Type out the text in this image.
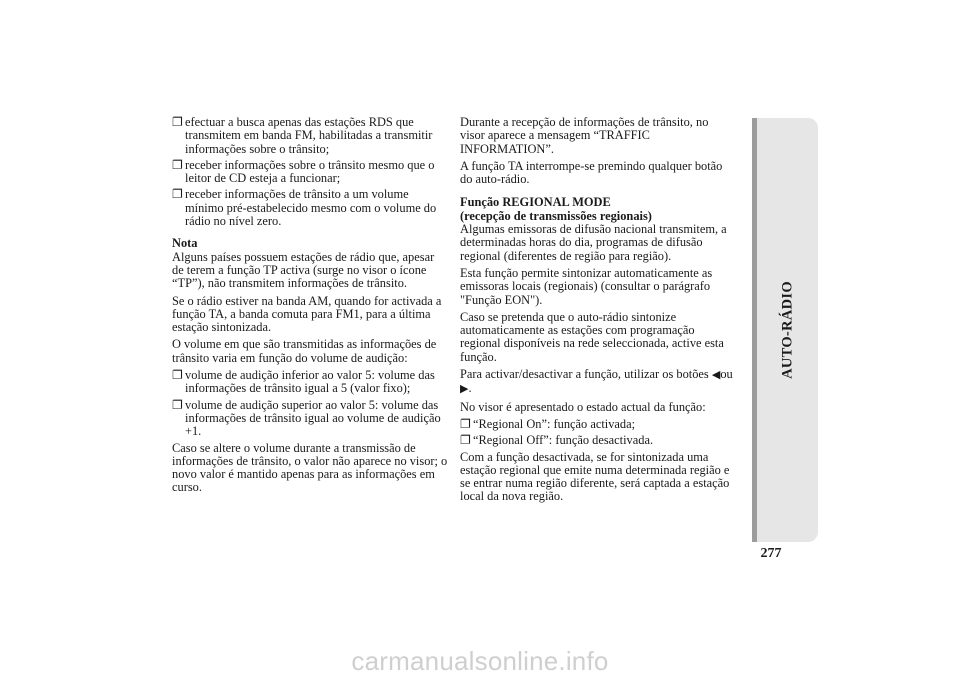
❐ efectuar a busca apenas das estações RDS que transmitem em banda FM, habilitadas a transmitir informações sobre o trânsito;
❐ receber informações sobre o trânsito mesmo que o leitor de CD esteja a funcionar;
❐ receber informações de trânsito a um volume mínimo pré-estabelecido mesmo com o volume do rádio no nível zero.
Nota
Alguns países possuem estações de rádio que, apesar de terem a função TP activa (surge no visor o ícone “TP”), não transmitem informações de trânsito.
Se o rádio estiver na banda AM, quando for activada a função TA, a banda comuta para FM1, para a última estação sintonizada.
O volume em que são transmitidas as informações de trânsito varia em função do volume de audição:
❐ volume de audição inferior ao valor 5: volume das informações de trânsito igual a 5 (valor fixo);
❐ volume de audição superior ao valor 5: volume das informações de trânsito igual ao volume de audição +1.
Caso se altere o volume durante a transmissão de informações de trânsito, o valor não aparece no visor; o novo valor é mantido apenas para as informações em curso.
Durante a recepção de informações de trânsito, no visor aparece a mensagem “TRAFFIC INFORMATION”.
A função TA interrompe-se premindo qualquer botão do auto-rádio.
Função REGIONAL MODE
(recepção de transmissões regionais)
Algumas emissoras de difusão nacional transmitem, a determinadas horas do dia, programas de difusão regional (diferentes de região para região).
Esta função permite sintonizar automaticamente as emissoras locais (regionais) (consultar o parágrafo "Função EON").
Caso se pretenda que o auto-rádio sintonize automaticamente as estações com programação regional disponíveis na rede seleccionada, active esta função.
Para activar/desactivar a função, utilizar os botões ◀ou ▶.
No visor é apresentado o estado actual da função:
❐ “Regional On”: função activada;
❐ “Regional Off”: função desactivada.
Com a função desactivada, se for sintonizada uma estação regional que emite numa determinada região e se entrar numa região diferente, será captada a estação local da nova região.
AUTO-RÁDIO
277
carmanualsonline.info
